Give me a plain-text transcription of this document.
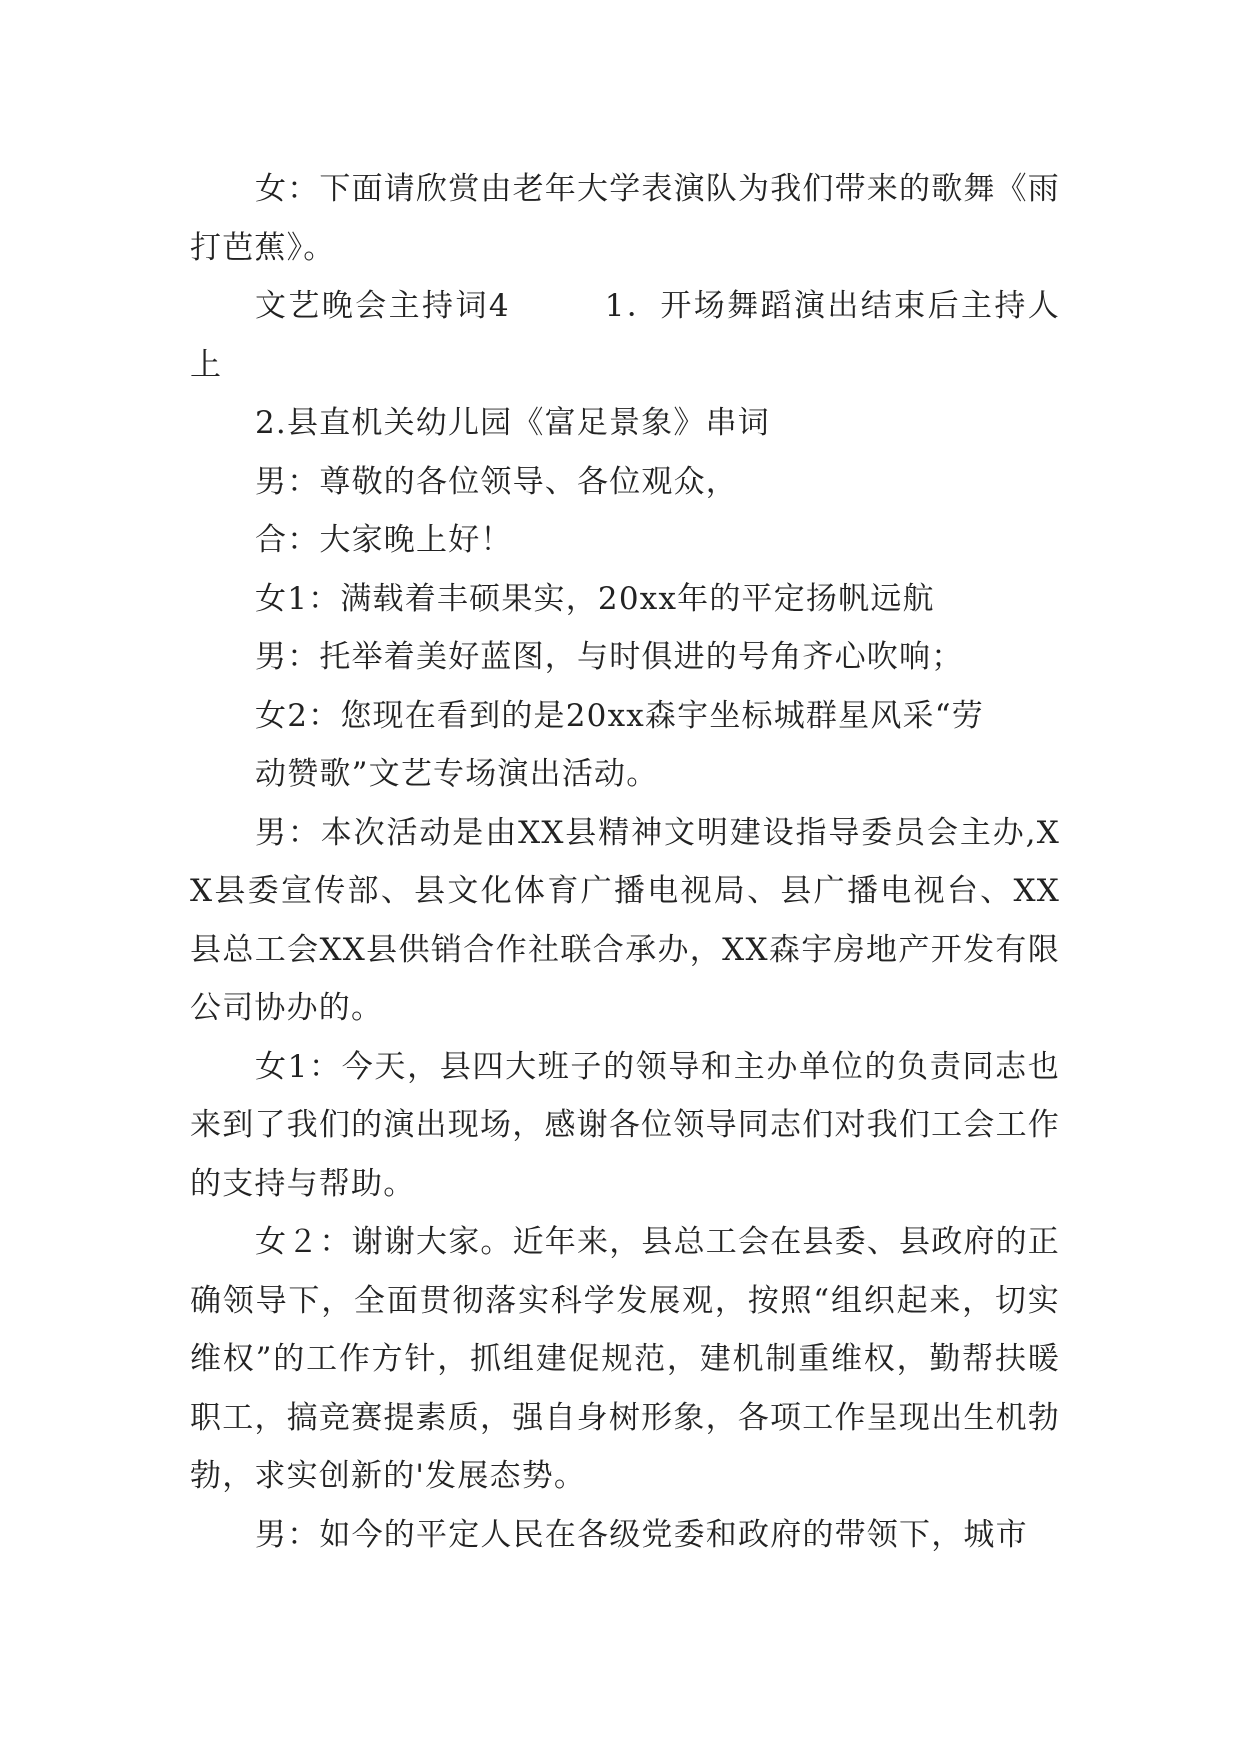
女：下面请欣赏由老年大学表演队为我们带来的歌舞《雨打芭蕉》。

文艺晚会主持词4	1．开场舞蹈演出结束后主持人上

2.县直机关幼儿园《富足景象》串词

男：尊敬的各位领导、各位观众，

合：大家晚上好！

女1：满载着丰硕果实，20xx年的平定扬帆远航

男：托举着美好蓝图，与时俱进的号角齐心吹响；

女2：您现在看到的是20xx森宇坐标城群星风采“劳

动赞歌”文艺专场演出活动。

男：本次活动是由XX县精神文明建设指导委员会主办,XX县委宣传部、县文化体育广播电视局、县广播电视台、XX县总工会XX县供销合作社联合承办，XX森宇房地产开发有限公司协办的。

女1：今天，县四大班子的领导和主办单位的负责同志也来到了我们的演出现场，感谢各位领导同志们对我们工会工作的支持与帮助。

女２：谢谢大家。近年来，县总工会在县委、县政府的正确领导下，全面贯彻落实科学发展观，按照“组织起来，切实维权”的工作方针，抓组建促规范，建机制重维权，勤帮扶暖职工，搞竞赛提素质，强自身树形象，各项工作呈现出生机勃勃，求实创新的'发展态势。

男：如今的平定人民在各级党委和政府的带领下，城市
